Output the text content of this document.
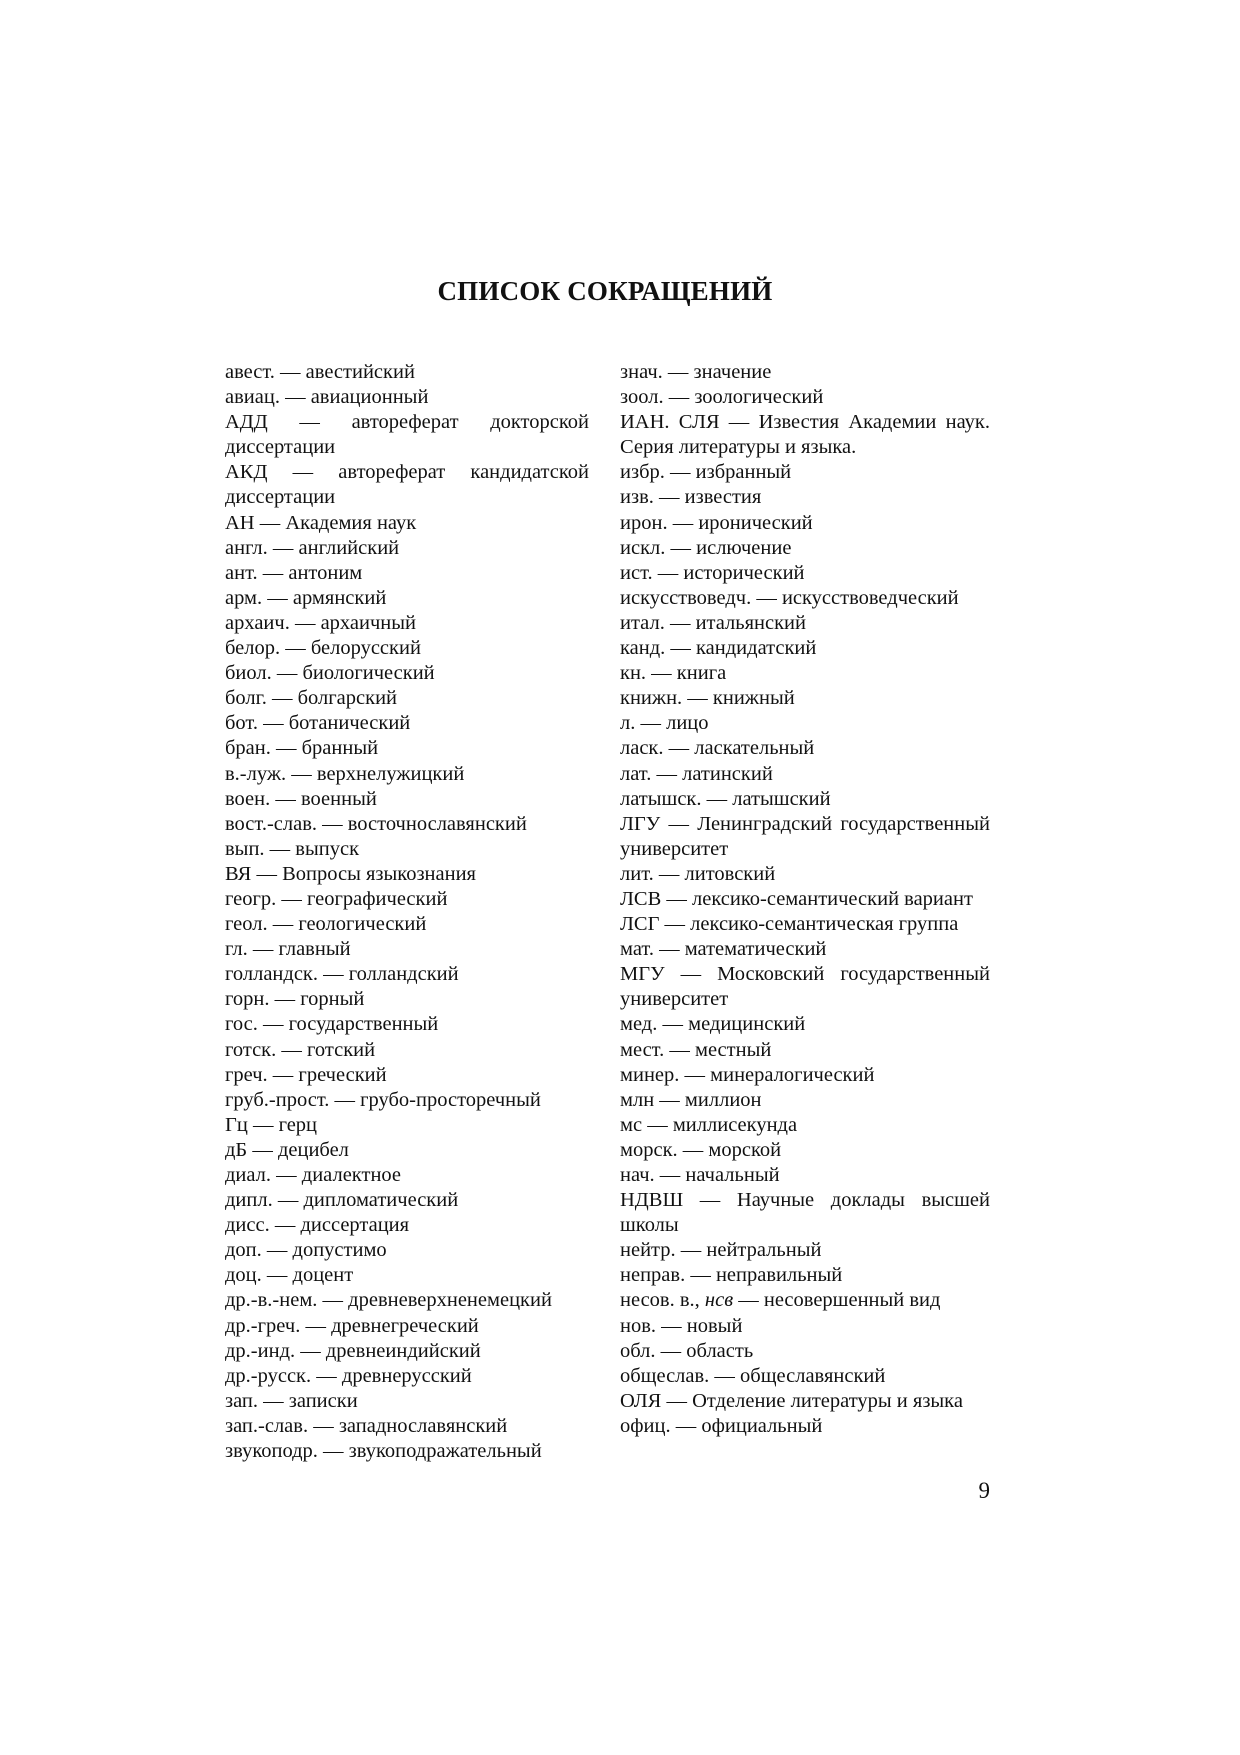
СПИСОК СОКРАЩЕНИЙ
авест. — авестийский
авиац. — авиационный
АДД — автореферат докторской диссертации
АКД — автореферат кандидатской диссертации
АН — Академия наук
англ. — английский
ант. — антоним
арм. — армянский
архаич. — архаичный
белор. — белорусский
биол. — биологический
болг. — болгарский
бот. — ботанический
бран. — бранный
в.-луж. — верхнелужицкий
воен. — военный
вост.-слав. — восточнославянский
вып. — выпуск
ВЯ — Вопросы языкознания
геогр. — географический
геол. — геологический
гл. — главный
голландск. — голландский
горн. — горный
гос. — государственный
готск. — готский
греч. — греческий
груб.-прост. — грубо-просторечный
Гц — герц
дБ — децибел
диал. — диалектное
дипл. — дипломатический
дисс. — диссертация
доп. — допустимо
доц. — доцент
др.-в.-нем. — древневерхненемецкий
др.-греч. — древнегреческий
др.-инд. — древнеиндийский
др.-русск. — древнерусский
зап. — записки
зап.-слав. — западнославянский
звукоподр. — звукоподражательный
знач. — значение
зоол. — зоологический
ИАН. СЛЯ — Известия Академии наук. Серия литературы и языка.
избр. — избранный
изв. — известия
ирон. — иронический
искл. — ислючение
ист. — исторический
искусствоведч. — искусствоведческий
итал. — итальянский
канд. — кандидатский
кн. — книга
книжн. — книжный
л. — лицо
ласк. — ласкательный
лат. — латинский
латышск. — латышский
ЛГУ — Ленинградский государственный университет
лит. — литовский
ЛСВ — лексико-семантический вариант
ЛСГ — лексико-семантическая группа
мат. — математический
МГУ — Московский государственный университет
мед. — медицинский
мест. — местный
минер. — минералогический
млн — миллион
мс — миллисекунда
морск. — морской
нач. — начальный
НДВШ — Научные доклады высшей школы
нейтр. — нейтральный
неправ. — неправильный
несов. в., нсв — несовершенный вид
нов. — новый
обл. — область
общеслав. — общеславянский
ОЛЯ — Отделение литературы и языка
офиц. — официальный
9
